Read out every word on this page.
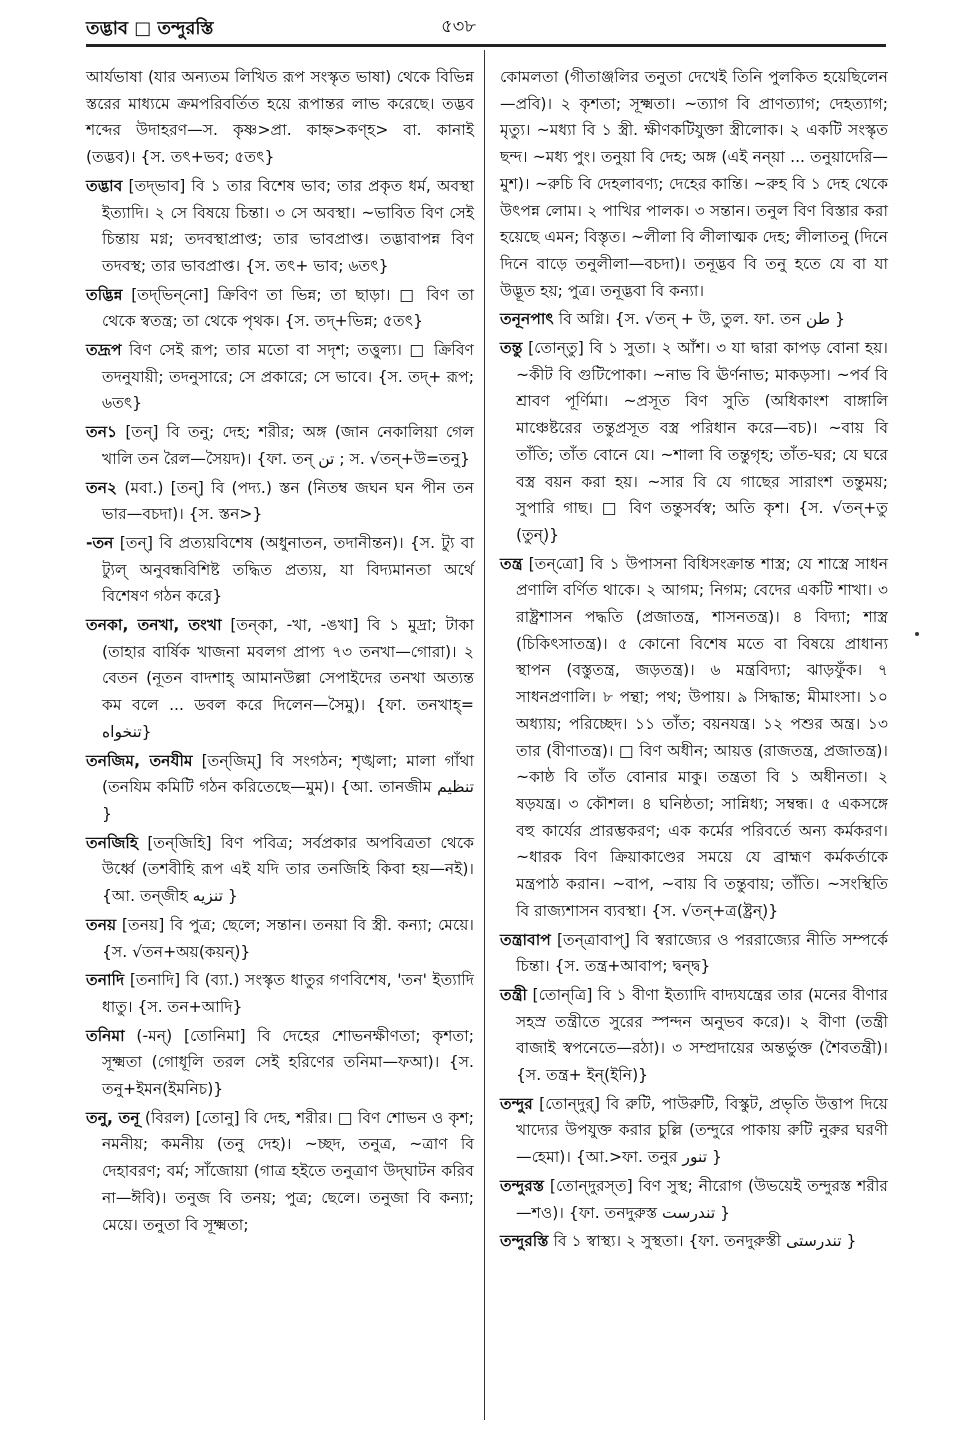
তদ্ভাব □ তন্দুরস্তি	৫৩৮

আর্যভাষা (যার অন্যতম লিখিত রূপ সংস্কৃত ভাষা) থেকে বিভিন্ন স্তরের মাধ্যমে ক্রমপরিবর্তিত হয়ে রূপান্তর লাভ করেছে। তদ্ভব শব্দের উদাহরণ—স. কৃষ্ণ>প্রা. কাহ্ন>কণ্হ> বা. কানাই (তদ্ভব)। {স. তৎ+ভব; ৫তৎ}

তদ্ভাব [তদ্‌ভাব] বি ১ তার বিশেষ ভাব; তার প্রকৃত ধর্ম, অবস্থা ইত্যাদি। ২ সে বিষয়ে চিন্তা। ৩ সে অবস্থা। ~ভাবিত বিণ সেই চিন্তায় মগ্ন; তদবস্থাপ্রাপ্ত; তার ভাবপ্রাপ্ত। তদ্ভাবাপন্ন বিণ তদবস্থ; তার ভাবপ্রাপ্ত। {স. তৎ+ ভাব; ৬তৎ}

তদ্ভিন্ন [তদ্‌ভিন্‌নো] ক্রিবিণ তা ভিন্ন; তা ছাড়া। □ বিণ তা থেকে স্বতন্ত্র; তা থেকে পৃথক। {স. তদ্‌+ভিন্ন; ৫তৎ}

তদ্রূপ বিণ সেই রূপ; তার মতো বা সদৃশ; তত্তুল্য। □ ক্রিবিণ তদনুযায়ী; তদনুসারে; সে প্রকারে; সে ভাবে। {স. তদ্‌+ রূপ; ৬তৎ}

তন১ [তন্‌] বি তনু; দেহ; শরীর; অঙ্গ (জান নেকালিয়া গেল খালি তন রৈল—সৈয়দ)। {ফা. তন্‌ تن ; স. √তন্‌+উ=তনু}

তন২ (মবা.) [তন্‌] বি (পদ্য.) স্তন (নিতম্ব জঘন ঘন পীন তন ভার—বচদা)। {স. স্তন>}

-তন [তন্‌] বি প্রত্যয়বিশেষ (অধুনাতন, তদানীন্তন)। {স. ট্যু বা ট্যুল্‌ অনুবন্ধবিশিষ্ট তদ্ধিত প্রত্যয়, যা বিদ্যমানতা অর্থে বিশেষণ গঠন করে}

তনকা, তনখা, তংখা [তন্‌কা, -খা, -ঙখা] বি ১ মুদ্রা; টাকা (তাহার বার্ষিক খাজনা মবলগ প্রাপ্য ৭৩ তনখা—গোরা)। ২ বেতন (নূতন বাদশাহ্‌ আমানউল্লা সেপাইদের তনখা অত্যন্ত কম বলে ... ডবল করে দিলেন—সৈমু)। {ফা. তনখাহ্‌= تنخواه}

তনজিম, তনযীম [তন্‌জিম্‌] বি সংগঠন; শৃঙ্খলা; মালা গাঁথা (তনযিম কমিটি গঠন করিতেছে—মুম)। {আ. তানজীম تنظيم }

তনজিহি [তন্‌জিহি] বিণ পবিত্র; সর্বপ্রকার অপবিত্রতা থেকে উর্ধ্বে (তশবীহি রূপ এই যদি তার তনজিহি কিবা হয়—নই)। {আ. তন্‌জীহ تنزيه }

তনয় [তনয়] বি পুত্র; ছেলে; সন্তান। তনয়া বি স্ত্রী. কন্যা; মেয়ে। {স. √তন+অয়(কয়ন্‌)}

তনাদি [তনাদি] বি (ব্যা.) সংস্কৃত ধাতুর গণবিশেষ, 'তন' ইত্যাদি ধাতু। {স. তন+আদি}

তনিমা (-মন্‌) [তোনিমা] বি দেহের শোভনক্ষীণতা; কৃশতা; সূক্ষ্মতা (গোধূলি তরল সেই হরিণের তনিমা—ফআ)। {স. তনু+ইমন(ইমনিচ)}

তনু, তনূ (বিরল) [তোনু] বি দেহ, শরীর। □ বিণ শোভন ও কৃশ; নমনীয়; কমনীয় (তনু দেহ)। ~চ্ছদ, তনুত্র, ~ত্রাণ বি দেহাবরণ; বর্ম; সাঁজোয়া (গাত্র হইতে তনুত্রাণ উদ্‌ঘাটন করিব না—ঈবি)। তনুজ বি তনয়; পুত্র; ছেলে। তনুজা বি কন্যা; মেয়ে। তনুতা বি সূক্ষ্মতা;

কোমলতা (গীতাঞ্জলির তনুতা দেখেই তিনি পুলকিত হয়েছিলেন—প্রবি)। ২ কৃশতা; সূক্ষ্মতা। ~ত্যাগ বি প্রাণত্যাগ; দেহত্যাগ; মৃত্যু। ~মধ্যা বি ১ স্ত্রী. ক্ষীণকটিযুক্তা স্ত্রীলোক। ২ একটি সংস্কৃত ছন্দ। ~মধ্য পুং। তনুয়া বি দেহ; অঙ্গ (এই নন্‌য়া ... তনুয়াদেরি—মুশ)। ~রুচি বি দেহলাবণ্য; দেহের কান্তি। ~রুহ বি ১ দেহ থেকে উৎপন্ন লোম। ২ পাখির পালক। ৩ সন্তান। তনুল বিণ বিস্তার করা হয়েছে এমন; বিস্তৃত। ~লীলা বি লীলাত্মক দেহ; লীলাতনু (দিনে দিনে বাড়ে তনুলীলা—বচদা)। তনূদ্ভব বি তনু হতে যে বা যা উদ্ভূত হয়; পুত্র। তনূদ্ভবা বি কন্যা।

তনূনপাৎ বি অগ্নি। {স. √তন্‌ + উ, তুল. ফা. তন طن }

তন্তু [তোন্‌তু] বি ১ সুতা। ২ আঁশ। ৩ যা দ্বারা কাপড় বোনা হয়। ~কীট বি গুটিপোকা। ~নাভ বি ঊর্ণনাভ; মাকড়সা। ~পর্ব বি শ্রাবণ পূর্ণিমা। ~প্রসূত বিণ সুতি (অধিকাংশ বাঙ্গালি মাঞ্চেষ্টরের তন্তুপ্রসূত বস্ত্র পরিধান করে—বচ)। ~বায় বি তাঁতি; তাঁত বোনে যে। ~শালা বি তন্তুগৃহ; তাঁত-ঘর; যে ঘরে বস্ত্র বয়ন করা হয়। ~সার বি যে গাছের সারাংশ তন্তুময়; সুপারি গাছ। □ বিণ তন্তুসর্বস্ব; অতি কৃশ। {স. √তন্‌+তু (তুন্‌)}

তন্ত্র [তন্‌ত্রো] বি ১ উপাসনা বিধিসংক্রান্ত শাস্ত্র; যে শাস্ত্রে সাধন প্রণালি বর্ণিত থাকে। ২ আগম; নিগম; বেদের একটি শাখা। ৩ রাষ্ট্রশাসন পদ্ধতি (প্রজাতন্ত্র, শাসনতন্ত্র)। ৪ বিদ্যা; শাস্ত্র (চিকিৎসাতন্ত্র)। ৫ কোনো বিশেষ মতে বা বিষয়ে প্রাধান্য স্থাপন (বস্তুতন্ত্র, জড়তন্ত্র)। ৬ মন্ত্রবিদ্যা; ঝাড়ফুঁক। ৭ সাধনপ্রণালি। ৮ পন্থা; পথ; উপায়। ৯ সিদ্ধান্ত; মীমাংসা। ১০ অধ্যায়; পরিচ্ছেদ। ১১ তাঁত; বয়নযন্ত্র। ১২ পশুর অন্ত্র। ১৩ তার (বীণাতন্ত্র)। □ বিণ অধীন; আয়ত্ত (রাজতন্ত্র, প্রজাতন্ত্র)। ~কাষ্ঠ বি তাঁত বোনার মাকু। তন্ত্রতা বি ১ অধীনতা। ২ ষড়যন্ত্র। ৩ কৌশল। ৪ ঘনিষ্ঠতা; সান্নিধ্য; সম্বন্ধ। ৫ একসঙ্গে বহু কার্যের প্রারম্ভকরণ; এক কর্মের পরিবর্তে অন্য কর্মকরণ। ~ধারক বিণ ক্রিয়াকাণ্ডের সময়ে যে ব্রাহ্মণ কর্মকর্তাকে মন্ত্রপাঠ করান। ~বাপ, ~বায় বি তন্তুবায়; তাঁতি। ~সংস্থিতি বি রাজ্যশাসন ব্যবস্থা। {স. √তন্‌+ত্র(ষ্ট্রন্‌)}

তন্ত্রাবাপ [তন্‌ত্রাবাপ্‌] বি স্বরাজ্যের ও পররাজ্যের নীতি সম্পর্কে চিন্তা। {স. তন্ত্র+আবাপ; দ্বন্দ্ব}

তন্ত্রী [তোন্‌ত্রি] বি ১ বীণা ইত্যাদি বাদ্যযন্ত্রের তার (মনের বীণার সহস্র তন্ত্রীতে সুরের স্পন্দন অনুভব করে)। ২ বীণা (তন্ত্রী বাজাই স্বপনেতে—রঠা)। ৩ সম্প্রদায়ের অন্তর্ভুক্ত (শৈবতন্ত্রী)। {স. তন্ত্র+ ইন্‌(ইনি)}

তন্দুর [তোন্‌দুর্‌] বি রুটি, পাউরুটি, বিস্কুট, প্রভৃতি উত্তাপ দিয়ে খাদ্যের উপযুক্ত করার চুল্লি (তন্দুরে পাকায় রুটি নুরুর ঘরণী—হেমা)। {আ.>ফা. তনুর تنور }

তন্দুরস্ত [তোন্‌দুরস্‌ত] বিণ সুস্থ; নীরোগ (উভয়েই তন্দুরস্ত শরীর—শও)। {ফা. তনদুরুস্ত تندرست }

তন্দুরস্তি বি ১ স্বাস্থ্য। ২ সুস্থতা। {ফা. তনদুরুস্তী تندرستی }
